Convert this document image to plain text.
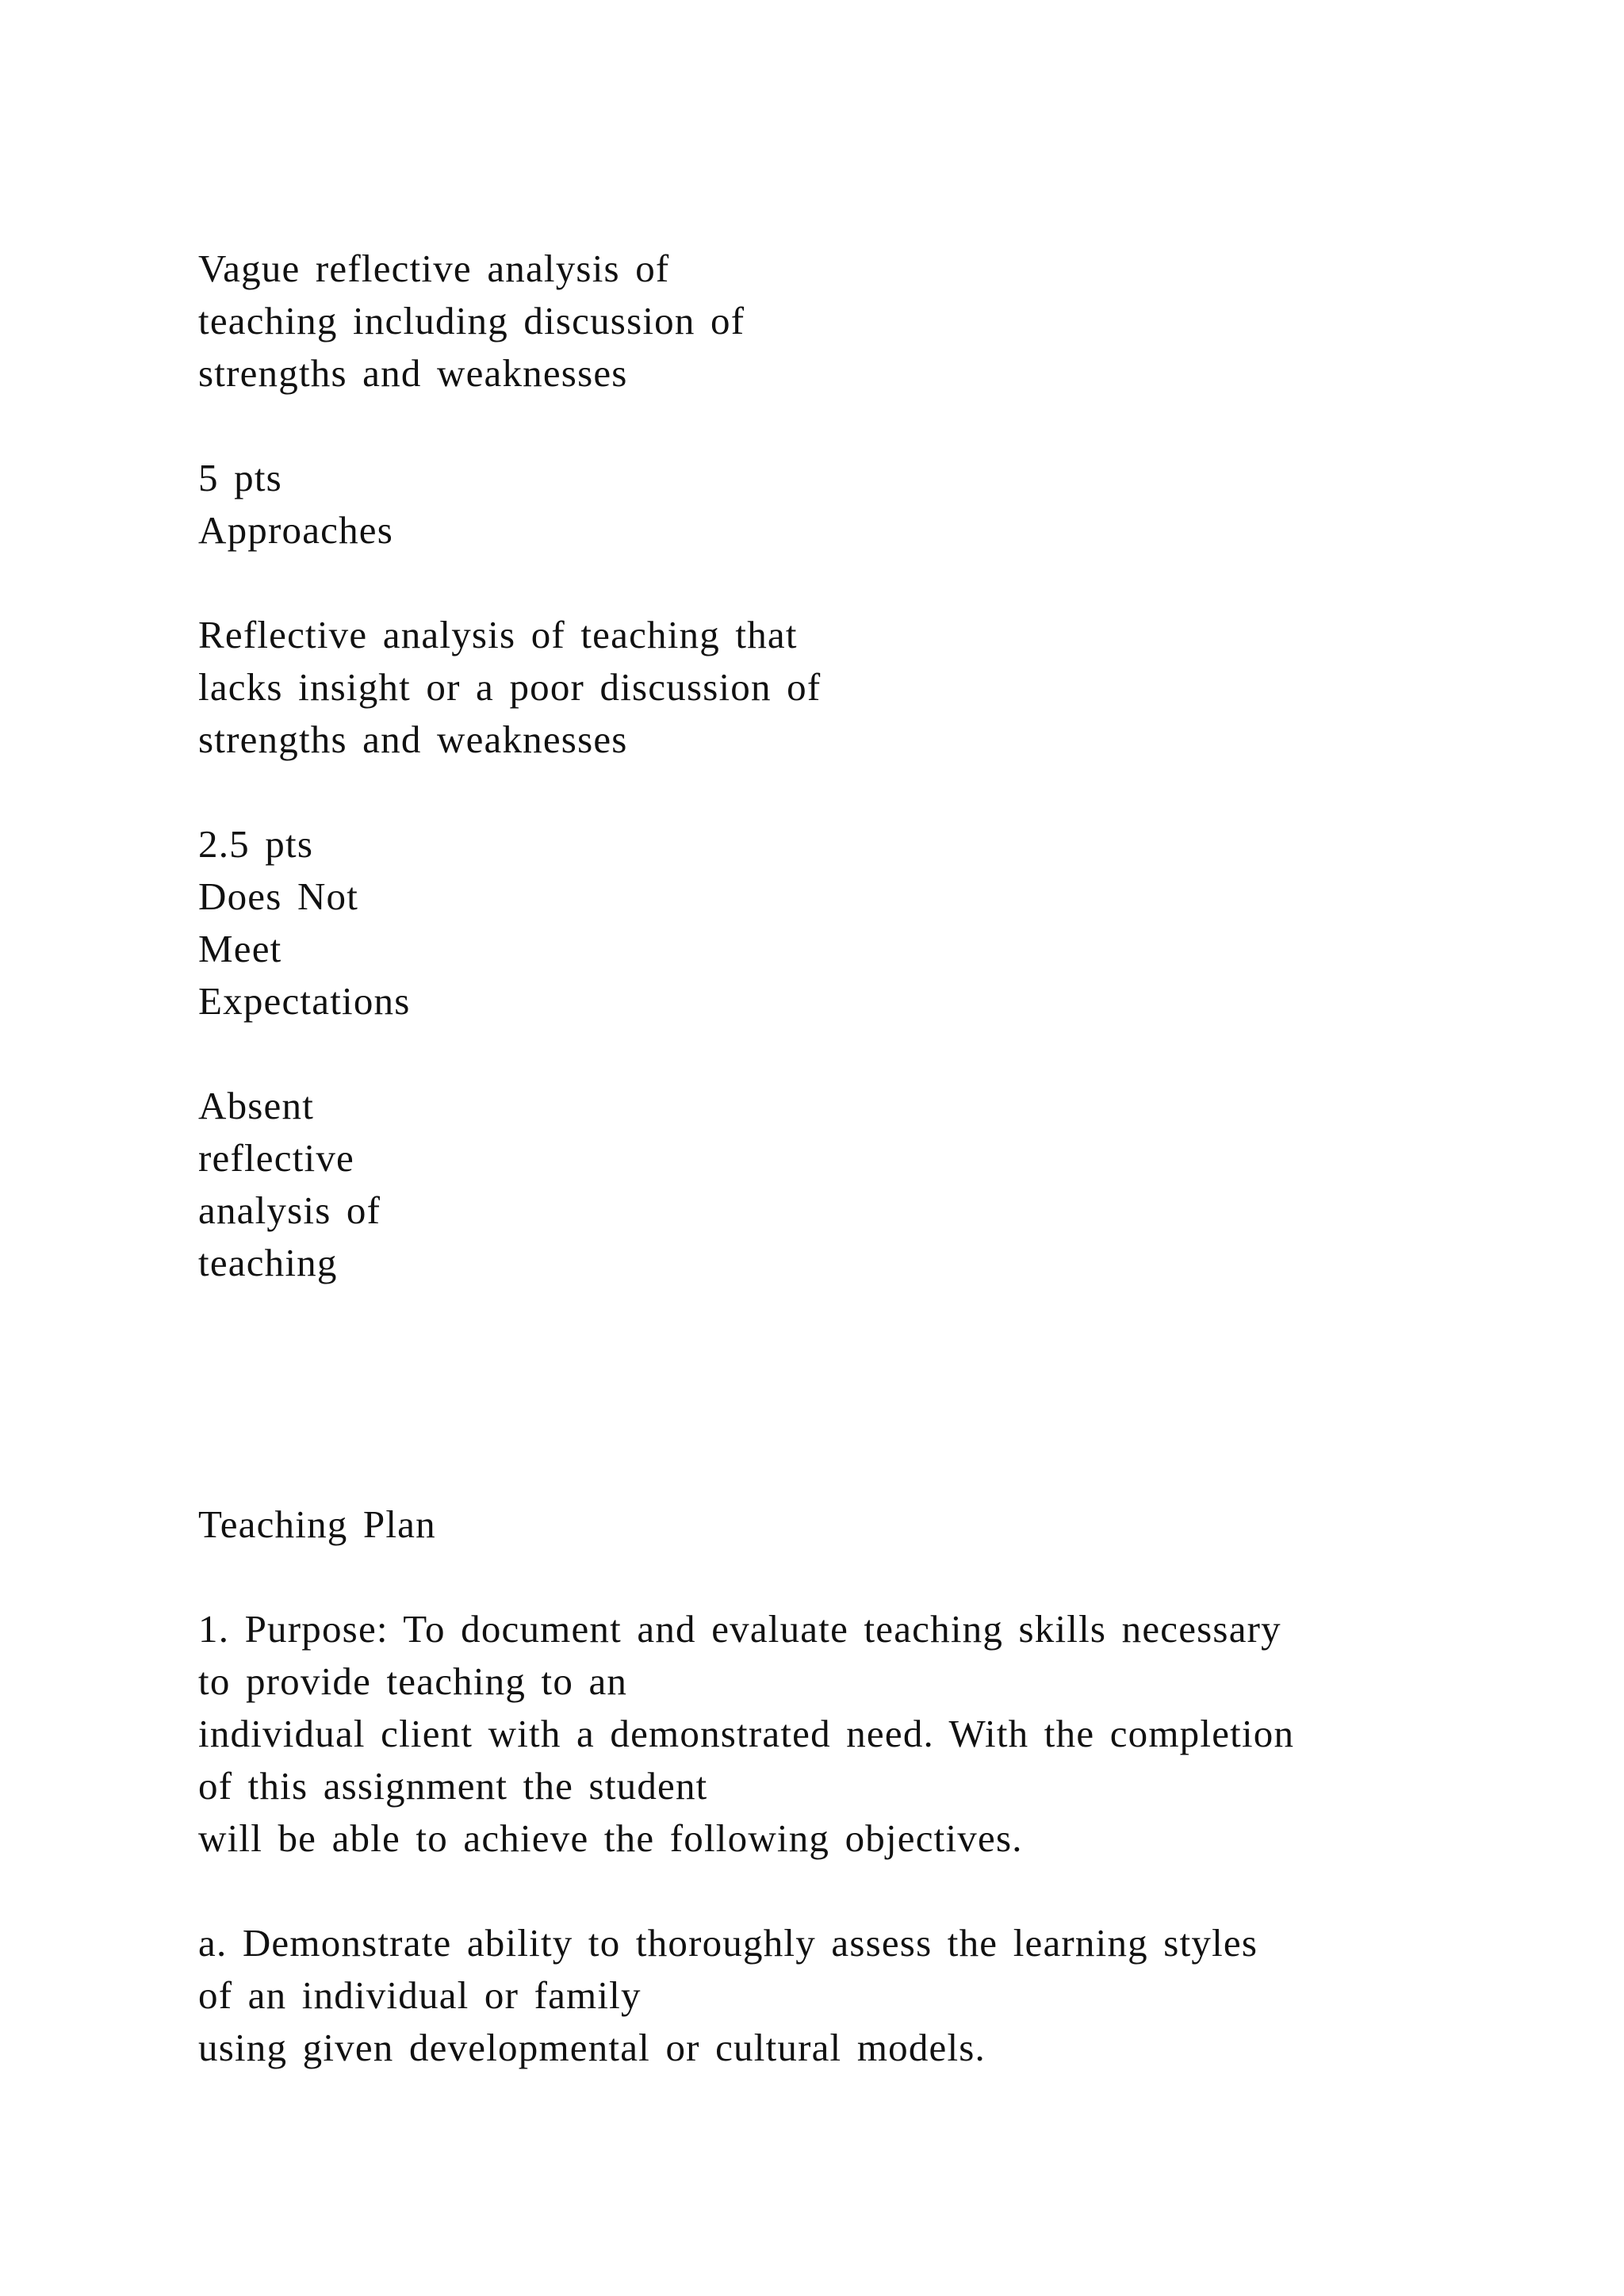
Vague reflective analysis of
teaching including discussion of
strengths and weaknesses
5 pts
Approaches
Reflective analysis of teaching that
lacks insight or a poor discussion of
strengths and weaknesses
2.5 pts
Does Not
Meet
Expectations
Absent
reflective
analysis of
teaching
Teaching Plan
1. Purpose: To document and evaluate teaching skills necessary
to provide teaching to an
individual client with a demonstrated need. With the completion
of this assignment the student
will be able to achieve the following objectives.
a. Demonstrate ability to thoroughly assess the learning styles
of an individual or family
using given developmental or cultural models.
